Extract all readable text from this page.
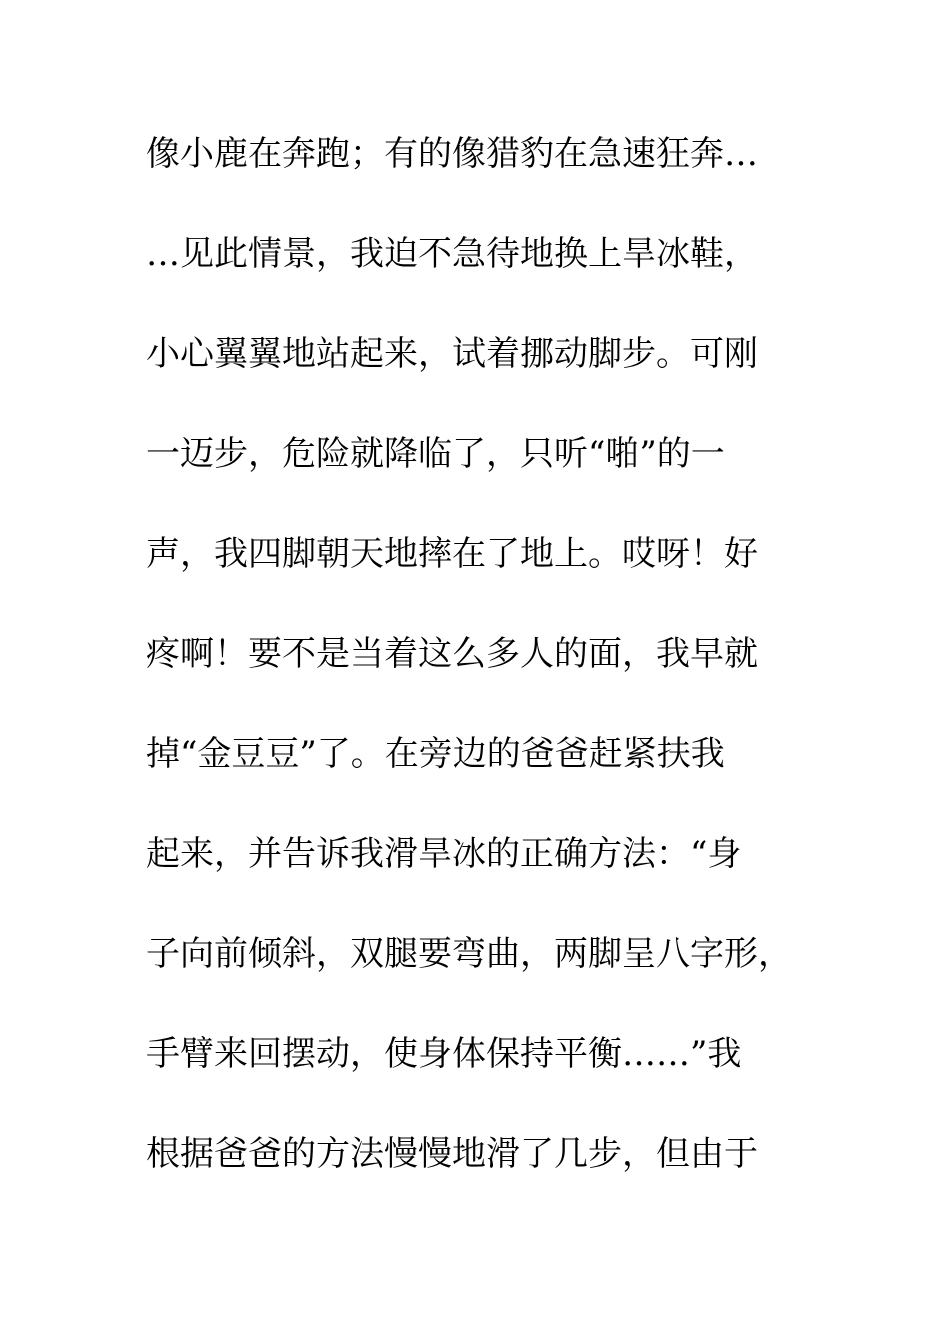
像小鹿在奔跑；有的像猎豹在急速狂奔…
…见此情景，我迫不急待地换上旱冰鞋，
小心翼翼地站起来，试着挪动脚步。可刚
一迈步，危险就降临了，只听“啪”的一
声，我四脚朝天地摔在了地上。哎呀！好
疼啊！要不是当着这么多人的面，我早就
掉“金豆豆”了。在旁边的爸爸赶紧扶我
起来，并告诉我滑旱冰的正确方法：“身
子向前倾斜，双腿要弯曲，两脚呈八字形，
手臂来回摆动，使身体保持平衡……”我
根据爸爸的方法慢慢地滑了几步，但由于
